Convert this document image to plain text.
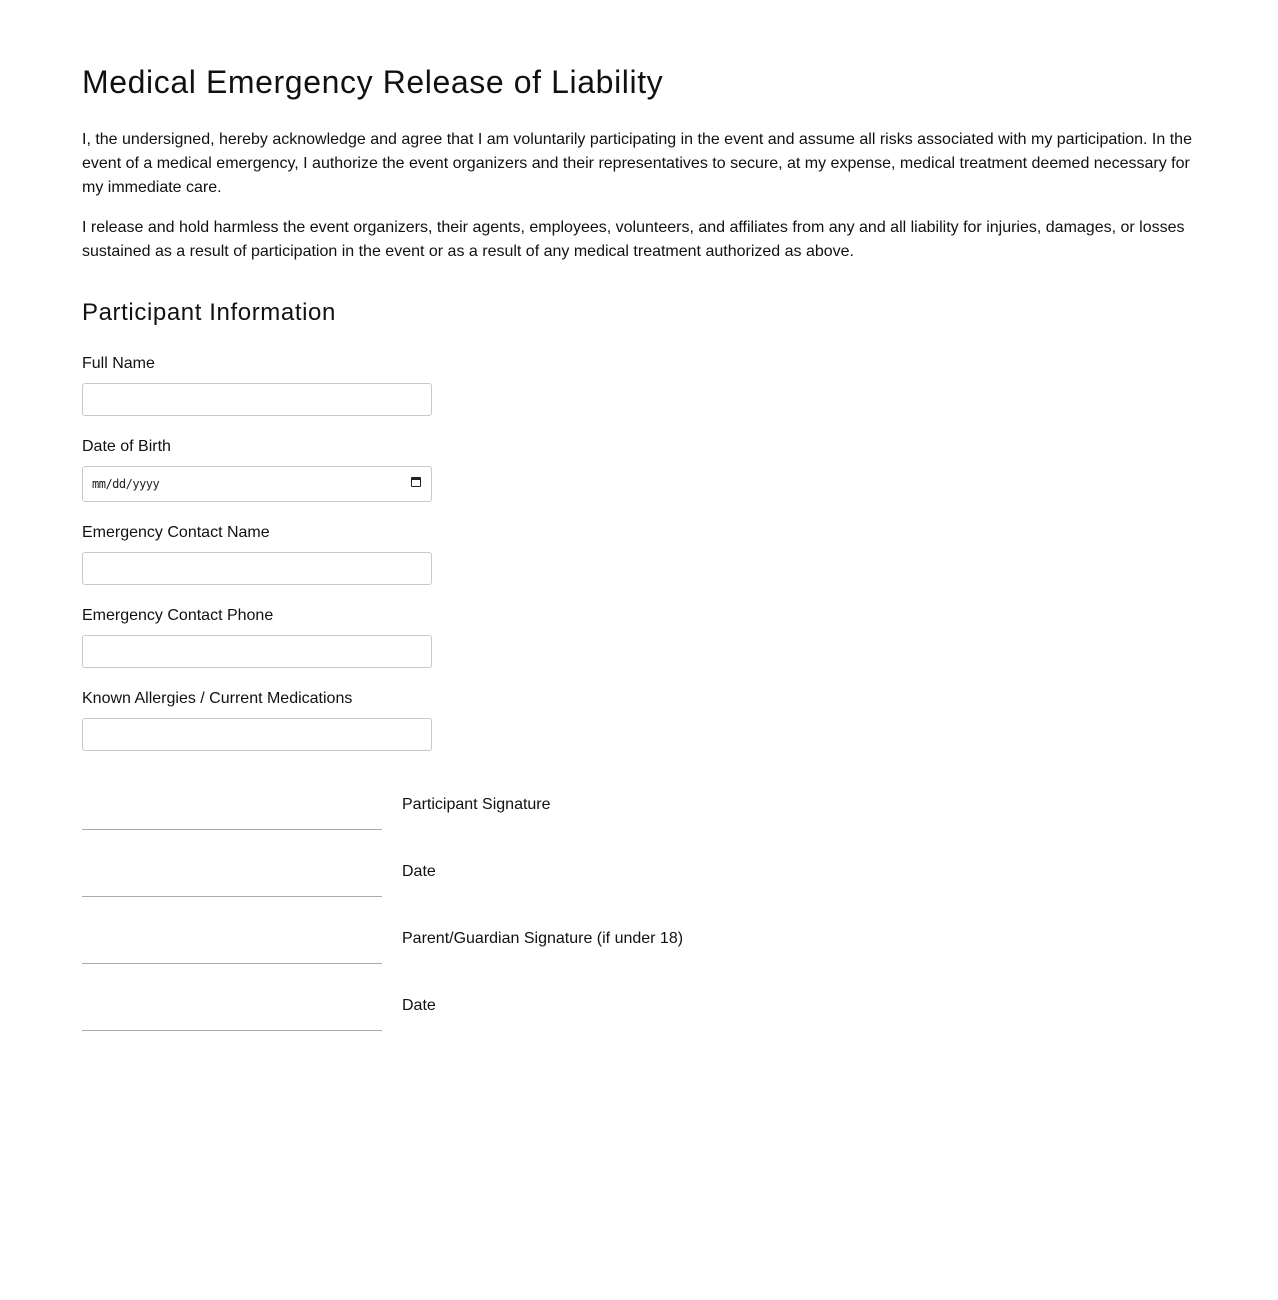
Medical Emergency Release of Liability

I, the undersigned, hereby acknowledge and agree that I am voluntarily participating in the event and assume all risks associated with my participation. In the event of a medical emergency, I authorize the event organizers and their representatives to secure, at my expense, medical treatment deemed necessary for my immediate care.

I release and hold harmless the event organizers, their agents, employees, volunteers, and affiliates from any and all liability for injuries, damages, or losses sustained as a result of participation in the event or as a result of any medical treatment authorized as above.

Participant Information
Full Name
Date of Birth
mm/dd/yyyy
Emergency Contact Name
Emergency Contact Phone
Known Allergies / Current Medications
Participant Signature
Date
Parent/Guardian Signature (if under 18)
Date
